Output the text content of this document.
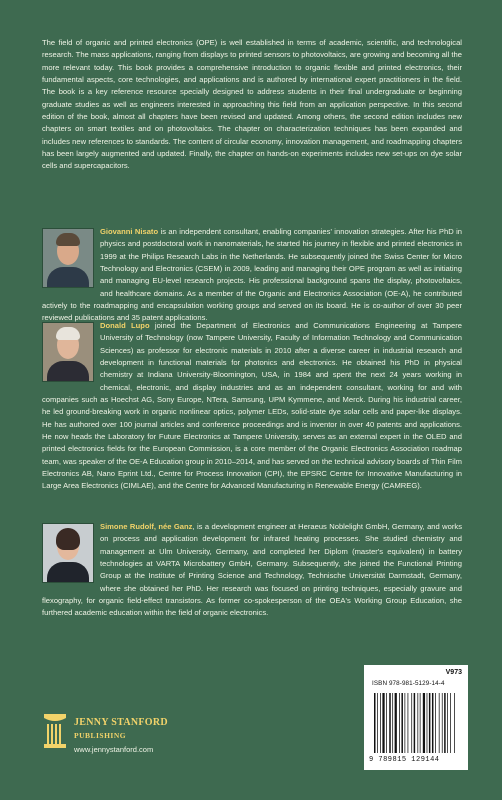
The field of organic and printed electronics (OPE) is well established in terms of academic, scientific, and technological research. The mass applications, ranging from displays to printed sensors to photovoltaics, are growing and becoming all the more relevant today. This book provides a comprehensive introduction to organic flexible and printed electronics, their fundamental aspects, core technologies, and applications and is authored by international expert practitioners in the field. The book is a key reference resource specially designed to address students in their final undergraduate or beginning graduate studies as well as engineers interested in approaching this field from an application perspective. In this second edition of the book, almost all chapters have been revised and updated. Among others, the second edition includes new chapters on smart textiles and on photovoltaics. The chapter on characterization techniques has been expanded and includes new references to standards. The content of circular economy, innovation management, and roadmapping chapters has been largely augmented and updated. Finally, the chapter on hands-on experiments includes new set-ups on dye solar cells and supercapacitors.

Giovanni Nisato is an independent consultant, enabling companies' innovation strategies. After his PhD in physics and postdoctoral work in nanomaterials, he started his journey in flexible and printed electronics in 1999 at the Philips Research Labs in the Netherlands. He subsequently joined the Swiss Center for Micro Technology and Electronics (CSEM) in 2009, leading and managing their OPE program as well as initiating and managing EU-level research projects. His professional background spans the display, photovoltaics, and healthcare domains. As a member of the Organic and Electronics Association (OE-A), he contributed actively to the roadmapping and encapsulation working groups and served on its board. He is co-author of over 30 peer reviewed publications and 35 patent applications.
Donald Lupo joined the Department of Electronics and Communications Engineering at Tampere University of Technology (now Tampere University, Faculty of Information Technology and Communication Sciences) as professor for electronic materials in 2010 after a diverse career in industrial research and development in functional materials for photonics and electronics. He obtained his PhD in physical chemistry at Indiana University-Bloomington, USA, in 1984 and spent the next 24 years working in chemical, electronic, and display industries and as an independent consultant, working for and with companies such as Hoechst AG, Sony Europe, NTera, Samsung, UPM Kymmene, and Merck. During his industrial career, he led ground-breaking work in organic nonlinear optics, polymer LEDs, solid-state dye solar cells and paper-like displays. He has authored over 100 journal articles and conference proceedings and is inventor in over 40 patents and applications. He now heads the Laboratory for Future Electronics at Tampere University, serves as an external expert in the OLED and printed electronics fields for the European Commission, is a core member of the Organic Electronics Association roadmap team, was speaker of the OE-A Education group in 2010–2014, and has served on the technical advisory boards of Thin Film Electronics AB, Nano Eprint Ltd., Centre for Process Innovation (CPI), the EPSRC Centre for Innovative Manufacturing in Large Area Electronics (CIMLAE), and the Centre for Advanced Manufacturing in Renewable Energy (CAMREG).
Simone Rudolf, née Ganz, is a development engineer at Heraeus Noblelight GmbH, Germany, and works on process and application development for infrared heating processes. She studied chemistry and management at Ulm University, Germany, and completed her Diplom (master's equivalent) in battery technologies at VARTA Microbattery GmbH, Germany. Subsequently, she joined the Functional Printing Group at the Institute of Printing Science and Technology, Technische Universität Darmstadt, Germany, where she obtained her PhD. Her research was focused on printing techniques, especially gravure and flexography, for organic field-effect transistors. As former co-spokesperson of the OEA's Working Group Education, she furthered academic education within the field of organic electronics.
JENNY STANFORD
PUBLISHING
www.jennystanford.com
V973
ISBN 978-981-5129-14-4
9 789815 129144
